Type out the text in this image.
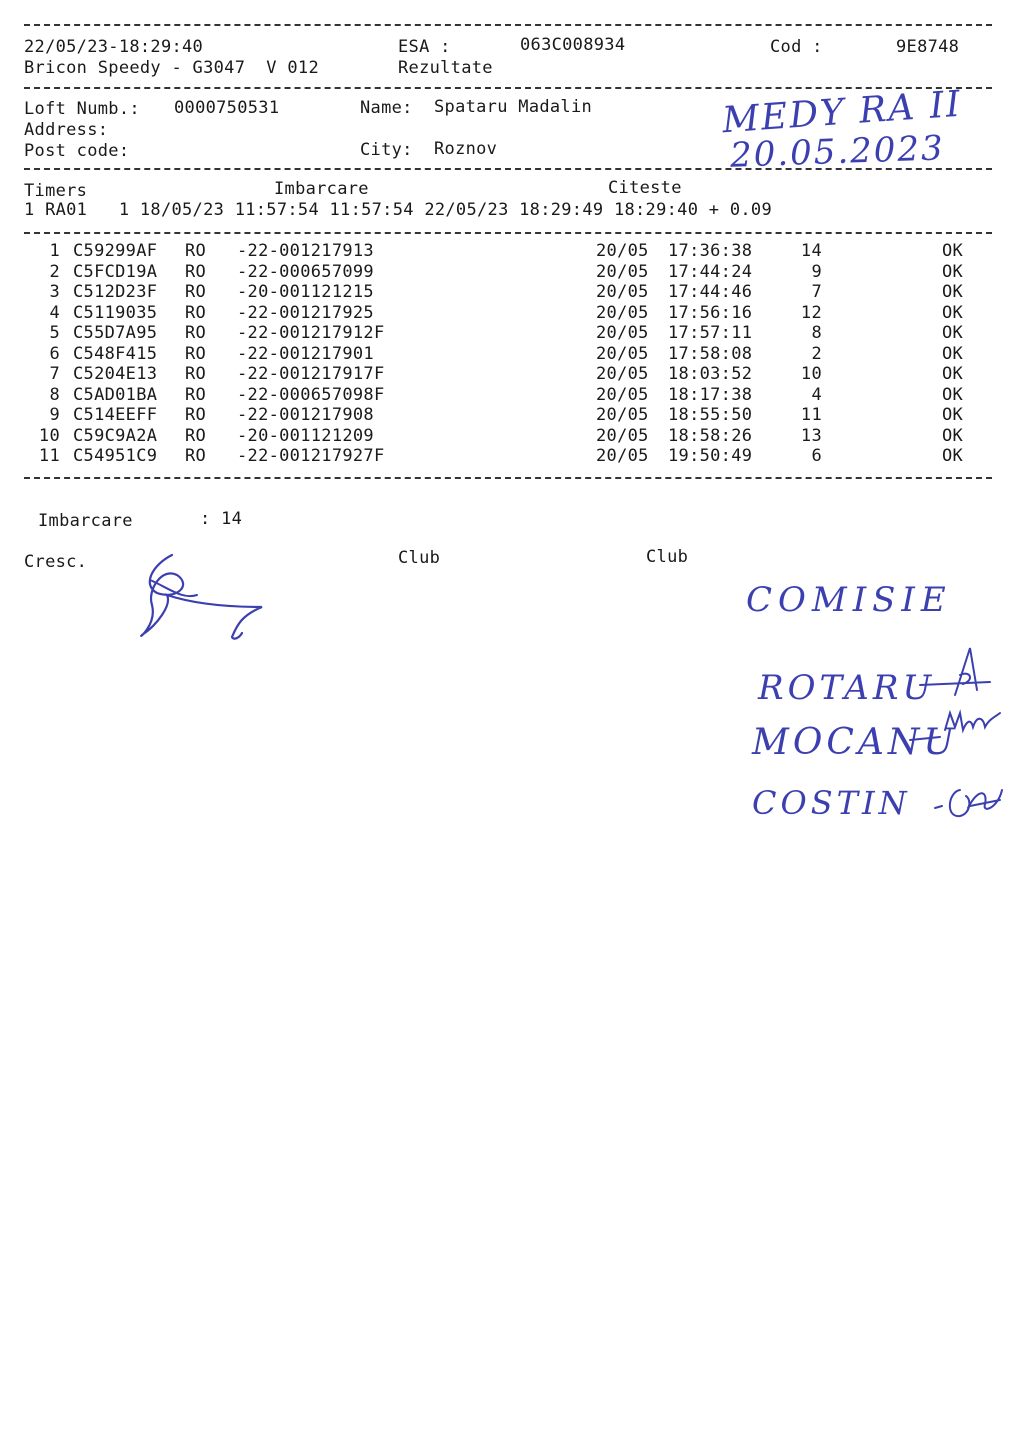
22/05/23-18:29:40	ESA :	063C008934	Cod :	9E8748
Bricon Speedy - G3047  V 012	Rezultate
Loft Numb.: 0000750531	Name: Spataru Madalin
Address:
Post code:	City: Roznov
MEDY RA II
20.05.2023
Timers	Imbarcare	Citeste
1 RA01   1 18/05/23 11:57:54 11:57:54 22/05/23 18:29:49 18:29:40 + 0.09
1 C59299AF RO -22-001217913	20/05 17:36:38	14	OK
2 C5FCD19A RO -22-000657099	20/05 17:44:24	9	OK
3 C512D23F RO -20-001121215	20/05 17:44:46	7	OK
4 C5119035 RO -22-001217925	20/05 17:56:16	12	OK
5 C55D7A95 RO -22-001217912F	20/05 17:57:11	8	OK
6 C548F415 RO -22-001217901	20/05 17:58:08	2	OK
7 C5204E13 RO -22-001217917F	20/05 18:03:52	10	OK
8 C5AD01BA RO -22-000657098F	20/05 18:17:38	4	OK
9 C514EEFF RO -22-001217908	20/05 18:55:50	11	OK
10 C59C9A2A RO -20-001121209	20/05 18:58:26	13	OK
11 C54951C9 RO -22-001217927F	20/05 19:50:49	6	OK
Imbarcare	: 14
Cresc.	Club	Club
COMISIE
ROTARU
MOCANU
COSTIN
